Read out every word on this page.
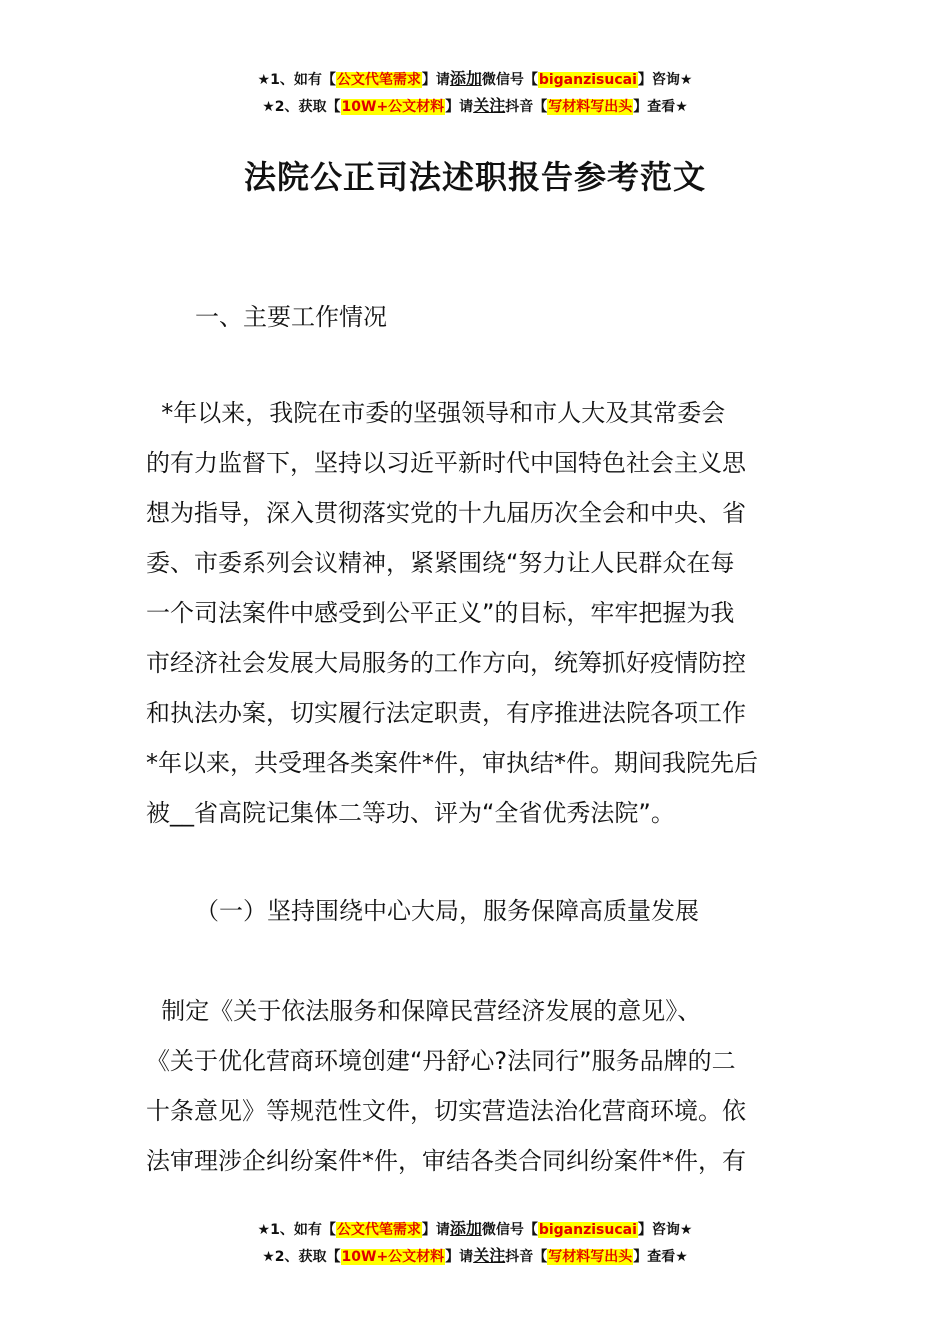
★1、如有【公文代笔需求】请添加微信号【biganzisucai】咨询★
★2、获取【10W+公文材料】请关注抖音【写材料写出头】查看★
法院公正司法述职报告参考范文
一、主要工作情况
*年以来，我院在市委的坚强领导和市人大及其常委会
的有力监督下，坚持以习近平新时代中国特色社会主义思
想为指导，深入贯彻落实党的十九届历次全会和中央、省
委、市委系列会议精神，紧紧围绕“努力让人民群众在每
一个司法案件中感受到公平正义”的目标，牢牢把握为我
市经济社会发展大局服务的工作方向，统筹抓好疫情防控
和执法办案，切实履行法定职责，有序推进法院各项工作
*年以来，共受理各类案件*件，审执结*件。期间我院先后
被__省高院记集体二等功、评为“全省优秀法院”。
（一）坚持围绕中心大局，服务保障高质量发展
制定《关于依法服务和保障民营经济发展的意见》、
《关于优化营商环境创建“丹舒心?法同行”服务品牌的二
十条意见》等规范性文件，切实营造法治化营商环境。依
法审理涉企纠纷案件*件，审结各类合同纠纷案件*件，有
★1、如有【公文代笔需求】请添加微信号【biganzisucai】咨询★
★2、获取【10W+公文材料】请关注抖音【写材料写出头】查看★
